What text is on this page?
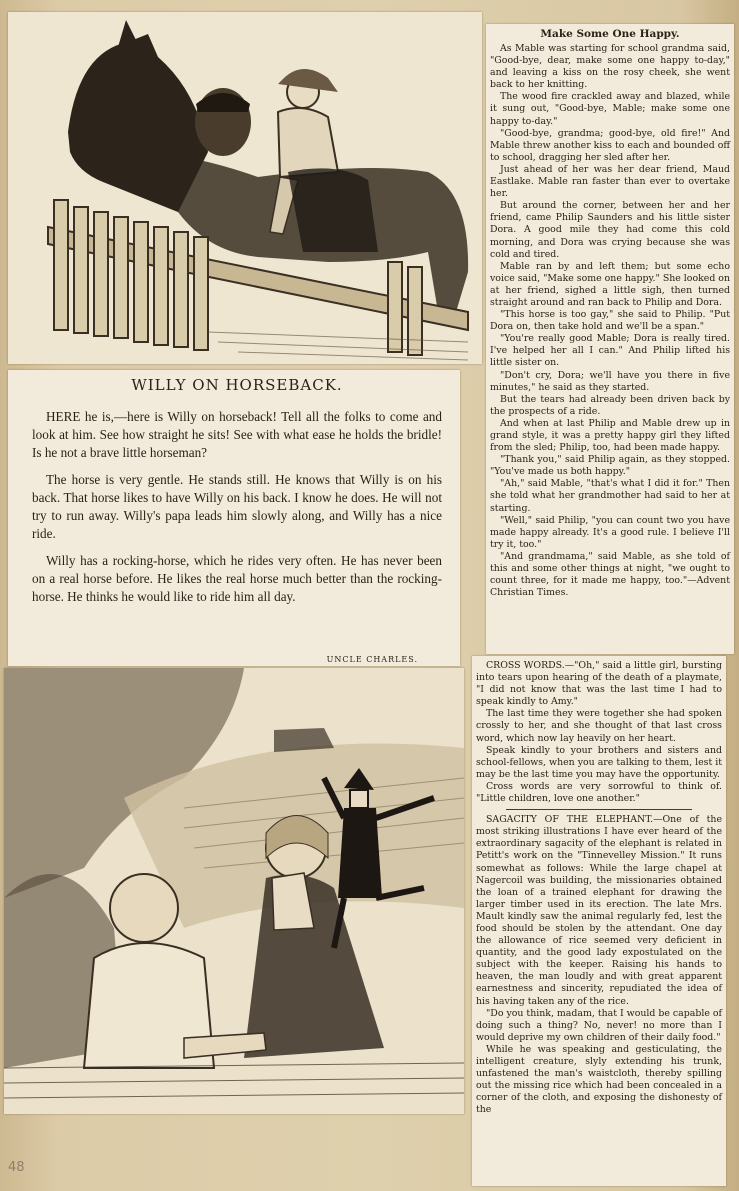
WILLY ON HORSEBACK.

HERE he is,—here is Willy on horseback! Tell all the folks to come and look at him. See how straight he sits! See with what ease he holds the bridle! Is he not a brave little horseman?

The horse is very gentle. He stands still. He knows that Willy is on his back. That horse likes to have Willy on his back. I know he does. He will not try to run away. Willy's papa leads him slowly along, and Willy has a nice ride.

Willy has a rocking-horse, which he rides very often. He has never been on a real horse before. He likes the real horse much better than the rocking-horse. He thinks he would like to ride him all day.

UNCLE CHARLES.
Make Some One Happy.

As Mable was starting for school grandma said, "Good-bye, dear, make some one happy to-day," and leaving a kiss on the rosy cheek, she went back to her knitting.

The wood fire crackled away and blazed, while it sung out, "Good-bye, Mable; make some one happy to-day."

"Good-bye, grandma; good-bye, old fire!" And Mable threw another kiss to each and bounded off to school, dragging her sled after her.

Just ahead of her was her dear friend, Maud Eastlake. Mable ran faster than ever to overtake her.

But around the corner, between her and her friend, came Philip Saunders and his little sister Dora. A good mile they had come this cold morning, and Dora was crying because she was cold and tired.

Mable ran by and left them; but some echo voice said, "Make some one happy." She looked on at her friend, sighed a little sigh, then turned straight around and ran back to Philip and Dora.

"This horse is too gay," she said to Philip. "Put Dora on, then take hold and we'll be a span."

"You're really good Mable; Dora is really tired. I've helped her all I can." And Philip lifted his little sister on.

"Don't cry, Dora; we'll have you there in five minutes," he said as they started.

But the tears had already been driven back by the prospects of a ride.

And when at last Philip and Mable drew up in grand style, it was a pretty happy girl they lifted from the sled; Philip, too, had been made happy.

"Thank you," said Philip again, as they stopped. "You've made us both happy."

"Ah," said Mable, "that's what I did it for." Then she told what her grandmother had said to her at starting.

"Well," said Philip, "you can count two you have made happy already. It's a good rule. I believe I'll try it, too."

"And grandmama," said Mable, as she told of this and some other things at night, "we ought to count three, for it made me happy, too."—Advent Christian Times.

CROSS WORDS.—"Oh," said a little girl, bursting into tears upon hearing of the death of a playmate, "I did not know that was the last time I had to speak kindly to Amy."

The last time they were together she had spoken crossly to her, and she thought of that last cross word, which now lay heavily on her heart.

Speak kindly to your brothers and sisters and school-fellows, when you are talking to them, lest it may be the last time you may have the opportunity.

Cross words are very sorrowful to think of. "Little children, love one another."

SAGACITY OF THE ELEPHANT.—One of the most striking illustrations I have ever heard of the extraordinary sagacity of the elephant is related in Petitt's work on the "Tinnevelley Mission." It runs somewhat as follows: While the large chapel at Nagercoil was building, the missionaries obtained the loan of a trained elephant for drawing the larger timber used in its erection. The late Mrs. Mault kindly saw the animal regularly fed, lest the food should be stolen by the attendant. One day the allowance of rice seemed very deficient in quantity, and the good lady expostulated on the subject with the keeper. Raising his hands to heaven, the man loudly and with great apparent earnestness and sincerity, repudiated the idea of his having taken any of the rice.

"Do you think, madam, that I would be capable of doing such a thing? No, never! no more than I would deprive my own children of their daily food."

While he was speaking and gesticulating, the intelligent creature, slyly extending his trunk, unfastened the man's waistcloth, thereby spilling out the missing rice which had been concealed in a corner of the cloth, and exposing the dishonesty of the

48
